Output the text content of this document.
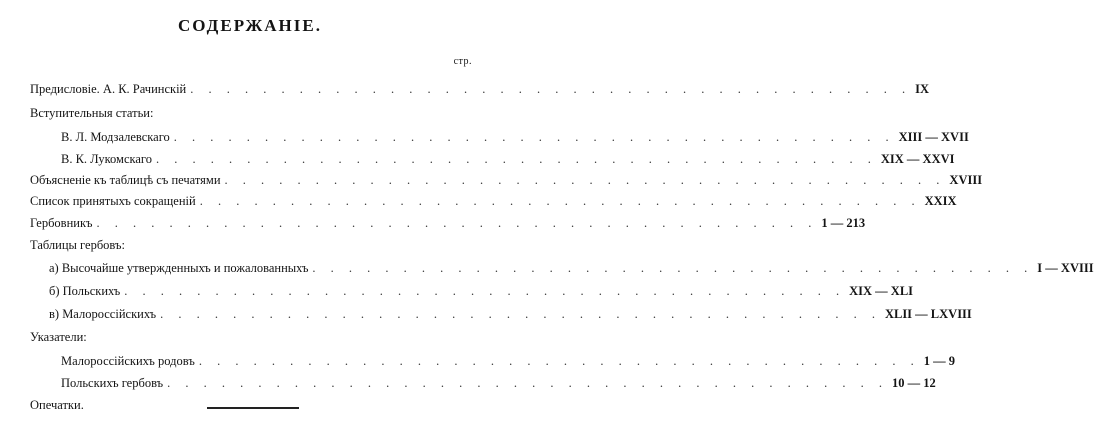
СОДЕРЖАНІЕ.
стр.
Предисловіе. А. К. Рачинскій . . . . . . . . . . . . . . . . . . . . . . . . . . . . . . . . . . . . . . . . IX
Вступительныя статьи:
В. Л. Модзалевскаго . . . . . . . . . . . . . . . . . . . . . . . . . . . . . . . . . . . . . . . . XIII — XVII
В. К. Лукомскаго . . . . . . . . . . . . . . . . . . . . . . . . . . . . . . . . . . . . . . . . XIX — XXVI
Объясненіе къ таблицѣ съ печатями . . . . . . . . . . . . . . . . . . . . . . . . . . . . . . . . . . . . . . . . XVIII
Список принятыхъ сокращеній . . . . . . . . . . . . . . . . . . . . . . . . . . . . . . . . . . . . . . . . XXIX
Гербовникъ . . . . . . . . . . . . . . . . . . . . . . . . . . . . . . . . . . . . . . . . 1 — 213
Таблицы гербовъ:
а) Высочайше утвержденныхъ и пожалованныхъ . . . . . . . . . . . . . . . . . . . . . . . . . . . . . . . . . . . . . . . . I — XVIII
б) Польскихъ . . . . . . . . . . . . . . . . . . . . . . . . . . . . . . . . . . . . . . . . XIX — XLI
в) Малороссійскихъ . . . . . . . . . . . . . . . . . . . . . . . . . . . . . . . . . . . . . . . . XLII — LXVIII
Указатели:
Малороссійскихъ родовъ . . . . . . . . . . . . . . . . . . . . . . . . . . . . . . . . . . . . . . . . 1 — 9
Польскихъ гербовъ . . . . . . . . . . . . . . . . . . . . . . . . . . . . . . . . . . . . . . . . 10 — 12
Опечатки.
